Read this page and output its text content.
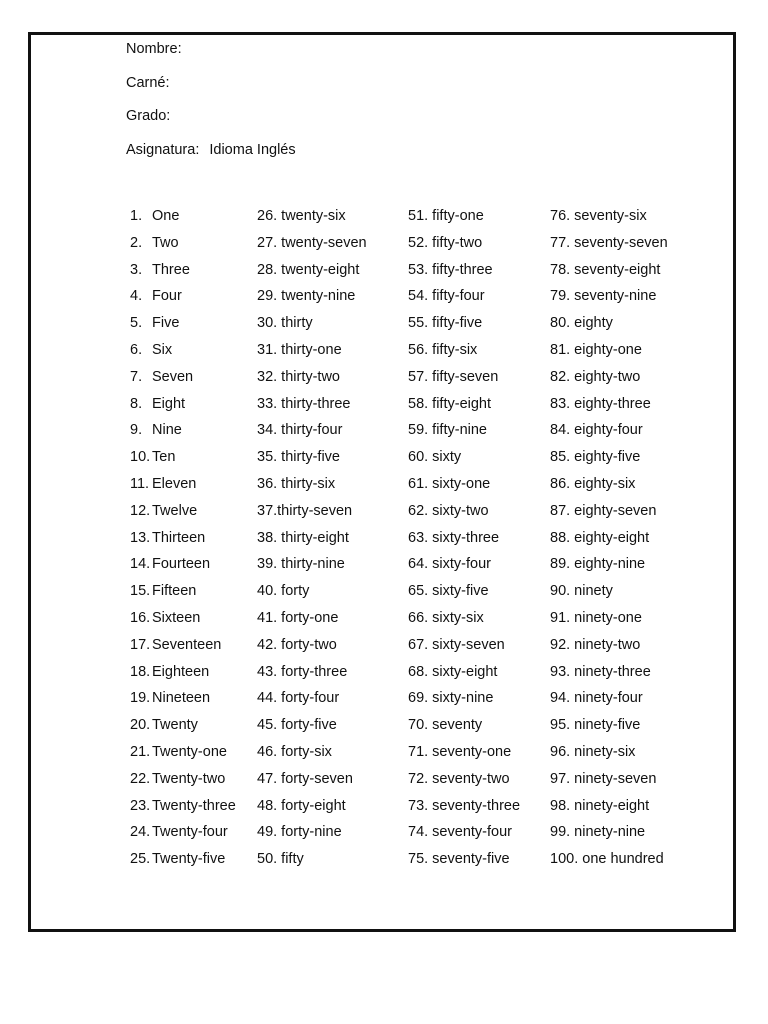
Nombre:
Carné:
Grado:
Asignatura: Idioma Inglés
1. One
2. Two
3. Three
4. Four
5. Five
6. Six
7. Seven
8. Eight
9. Nine
10. Ten
11. Eleven
12. Twelve
13. Thirteen
14. Fourteen
15. Fifteen
16. Sixteen
17. Seventeen
18. Eighteen
19. Nineteen
20. Twenty
21. Twenty-one
22. Twenty-two
23. Twenty-three
24. Twenty-four
25. Twenty-five
26. twenty-six
27. twenty-seven
28. twenty-eight
29. twenty-nine
30. thirty
31. thirty-one
32. thirty-two
33. thirty-three
34. thirty-four
35. thirty-five
36. thirty-six
37.thirty-seven
38. thirty-eight
39. thirty-nine
40. forty
41. forty-one
42. forty-two
43. forty-three
44. forty-four
45. forty-five
46. forty-six
47. forty-seven
48. forty-eight
49. forty-nine
50. fifty
51. fifty-one
52. fifty-two
53. fifty-three
54. fifty-four
55. fifty-five
56. fifty-six
57. fifty-seven
58. fifty-eight
59. fifty-nine
60. sixty
61. sixty-one
62. sixty-two
63. sixty-three
64. sixty-four
65. sixty-five
66. sixty-six
67. sixty-seven
68. sixty-eight
69. sixty-nine
70. seventy
71. seventy-one
72. seventy-two
73. seventy-three
74. seventy-four
75. seventy-five
76. seventy-six
77. seventy-seven
78. seventy-eight
79. seventy-nine
80. eighty
81. eighty-one
82. eighty-two
83. eighty-three
84. eighty-four
85. eighty-five
86. eighty-six
87. eighty-seven
88. eighty-eight
89. eighty-nine
90. ninety
91. ninety-one
92. ninety-two
93. ninety-three
94. ninety-four
95. ninety-five
96. ninety-six
97. ninety-seven
98. ninety-eight
99. ninety-nine
100. one hundred
